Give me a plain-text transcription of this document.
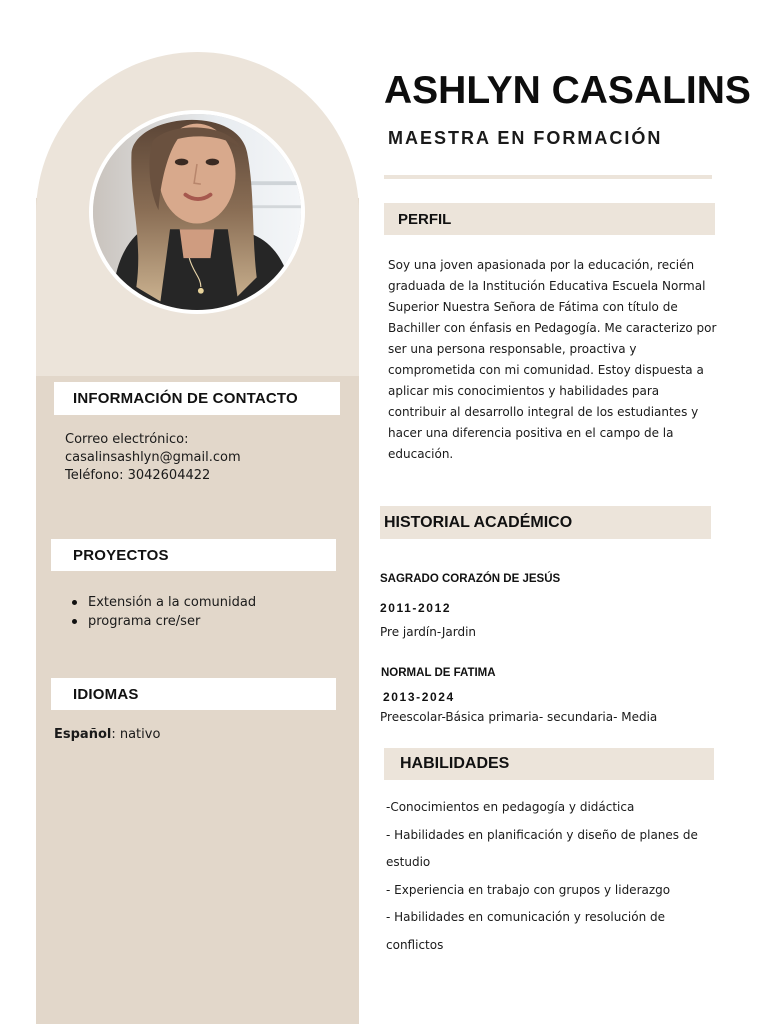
INFORMACIÓN DE CONTACTO
Correo electrónico:
casalinsashlyn@gmail.com
Teléfono: 3042604422
PROYECTOS
Extensión a la comunidad
programa cre/ser
IDIOMAS
Español: nativo
ASHLYN CASALINS
MAESTRA EN FORMACIÓN
PERFIL

Soy una joven apasionada por la educación, recién graduada de la Institución Educativa Escuela Normal Superior Nuestra Señora de Fátima con título de Bachiller con énfasis en Pedagogía. Me caracterizo por ser una persona responsable, proactiva y comprometida con mi comunidad. Estoy dispuesta a aplicar mis conocimientos y habilidades para contribuir al desarrollo integral de los estudiantes y hacer una diferencia positiva en el campo de la educación.

HISTORIAL ACADÉMICO
SAGRADO CORAZÓN DE JESÚS
2011-2012
Pre jardín-Jardin
NORMAL DE FATIMA
2013-2024
Preescolar-Básica primaria- secundaria- Media
HABILIDADES
-Conocimientos en pedagogía y didáctica
- Habilidades en planificación y diseño de planes de estudio
- Experiencia en trabajo con grupos y liderazgo
- Habilidades en comunicación y resolución de conflictos
